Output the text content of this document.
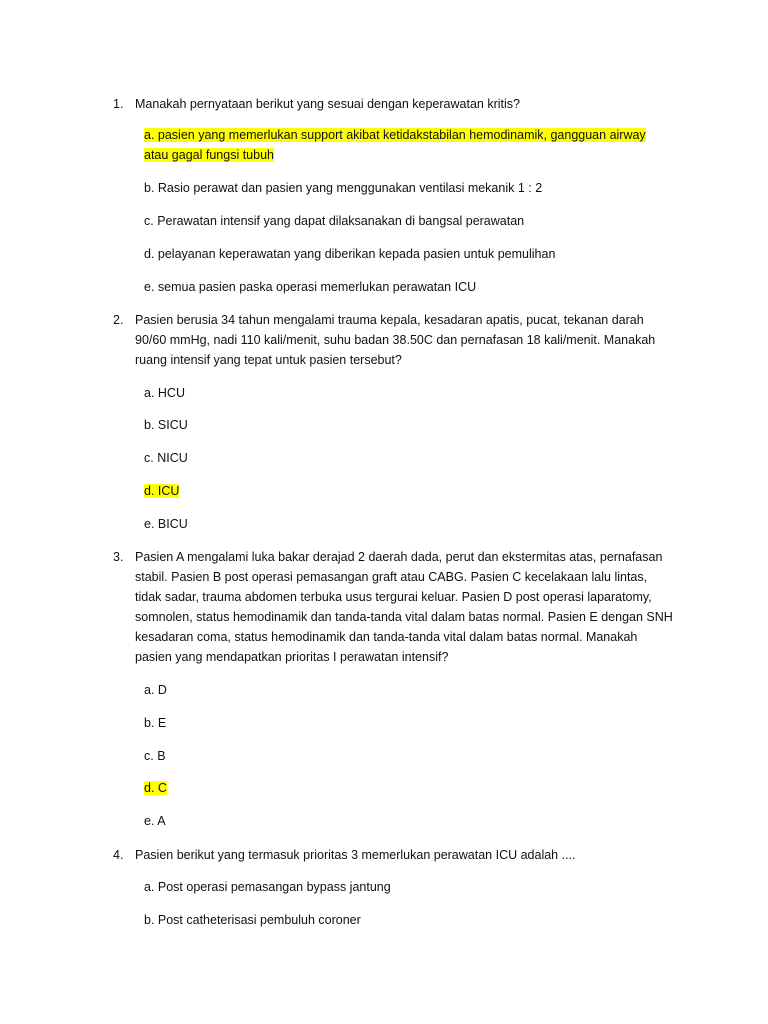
1. Manakah pernyataan berikut yang sesuai dengan keperawatan kritis?
a. pasien yang memerlukan support akibat ketidakstabilan hemodinamik, gangguan airway atau gagal fungsi tubuh
b. Rasio perawat dan pasien yang menggunakan ventilasi mekanik 1 : 2
c. Perawatan intensif yang dapat dilaksanakan di bangsal perawatan
d. pelayanan keperawatan yang diberikan kepada pasien untuk pemulihan
e. semua pasien paska operasi memerlukan perawatan ICU
2. Pasien berusia 34 tahun mengalami trauma kepala, kesadaran apatis, pucat, tekanan darah 90/60 mmHg, nadi 110 kali/menit, suhu badan 38.50C dan pernafasan 18 kali/menit. Manakah ruang intensif yang tepat untuk pasien tersebut?
a. HCU
b. SICU
c. NICU
d. ICU
e. BICU
3. Pasien A mengalami luka bakar derajad 2 daerah dada, perut dan ekstermitas atas, pernafasan stabil. Pasien B post operasi pemasangan graft atau CABG. Pasien C kecelakaan lalu lintas, tidak sadar, trauma abdomen terbuka usus tergurai keluar. Pasien D post operasi laparatomy, somnolen, status hemodinamik dan tanda-tanda vital dalam batas normal. Pasien E dengan SNH kesadaran coma, status hemodinamik dan tanda-tanda vital dalam batas normal. Manakah pasien yang mendapatkan prioritas I perawatan intensif?
a. D
b. E
c. B
d. C
e. A
4. Pasien berikut yang termasuk prioritas 3 memerlukan perawatan ICU adalah ....
a. Post operasi pemasangan bypass jantung
b. Post catheterisasi pembuluh coroner
